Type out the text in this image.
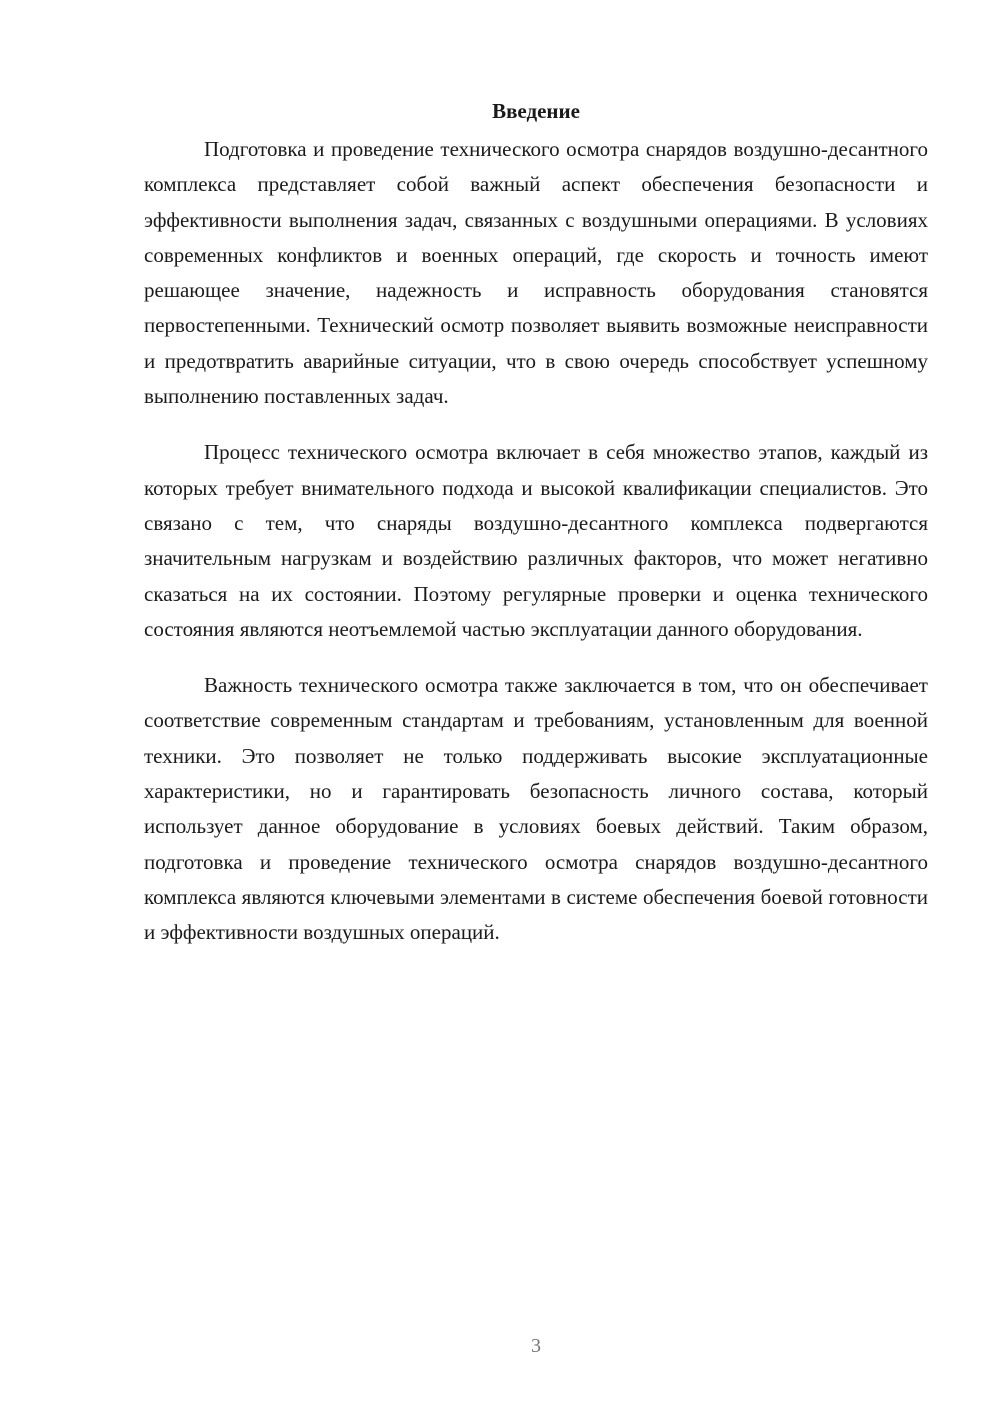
Введение

Подготовка и проведение технического осмотра снарядов воздушно-десантного комплекса представляет собой важный аспект обеспечения безопасности и эффективности выполнения задач, связанных с воздушными операциями. В условиях современных конфликтов и военных операций, где скорость и точность имеют решающее значение, надежность и исправность оборудования становятся первостепенными. Технический осмотр позволяет выявить возможные неисправности и предотвратить аварийные ситуации, что в свою очередь способствует успешному выполнению поставленных задач.

Процесс технического осмотра включает в себя множество этапов, каждый из которых требует внимательного подхода и высокой квалификации специалистов. Это связано с тем, что снаряды воздушно-десантного комплекса подвергаются значительным нагрузкам и воздействию различных факторов, что может негативно сказаться на их состоянии. Поэтому регулярные проверки и оценка технического состояния являются неотъемлемой частью эксплуатации данного оборудования.

Важность технического осмотра также заключается в том, что он обеспечивает соответствие современным стандартам и требованиям, установленным для военной техники. Это позволяет не только поддерживать высокие эксплуатационные характеристики, но и гарантировать безопасность личного состава, который использует данное оборудование в условиях боевых действий. Таким образом, подготовка и проведение технического осмотра снарядов воздушно-десантного комплекса являются ключевыми элементами в системе обеспечения боевой готовности и эффективности воздушных операций.

3
